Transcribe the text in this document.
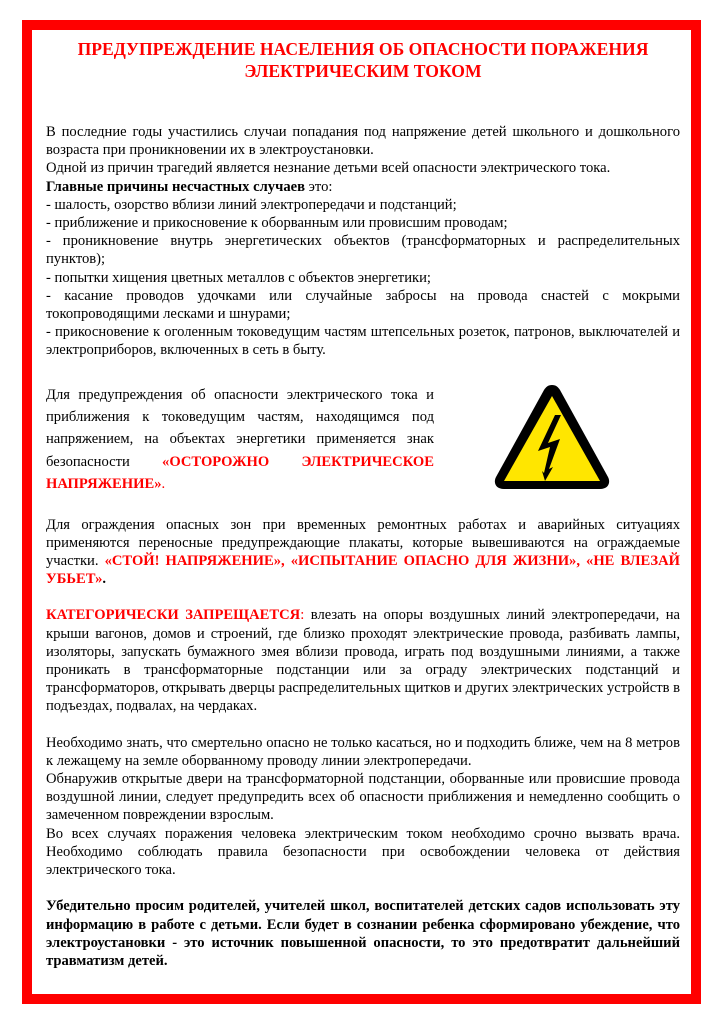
ПРЕДУПРЕЖДЕНИЕ НАСЕЛЕНИЯ ОБ ОПАСНОСТИ ПОРАЖЕНИЯ
ЭЛЕКТРИЧЕСКИМ ТОКОМ

В последние годы участились случаи попадания под напряжение детей школьного и дошкольного возраста при проникновении их в электроустановки.

Одной из причин трагедий является незнание детьми всей опасности электрического тока.

Главные причины несчастных случаев это:

- шалость, озорство вблизи линий электропередачи и подстанций;

- приближение и прикосновение к оборванным или провисшим проводам;

- проникновение внутрь энергетических объектов (трансформаторных и распределительных пунктов);

- попытки хищения цветных металлов с объектов энергетики;

- касание проводов удочками или случайные забросы на провода снастей с мокрыми токопроводящими лесками и шнурами;

- прикосновение к оголенным токоведущим частям штепсельных розеток, патронов, выключателей и электроприборов, включенных в сеть в быту.

Для предупреждения об опасности электрического тока и приближения к токоведущим частям, находящимся под напряжением, на объектах энергетики применяется знак безопасности «ОСТОРОЖНО ЭЛЕКТРИЧЕСКОЕ НАПРЯЖЕНИЕ».

Для ограждения опасных зон при временных ремонтных работах и аварийных ситуациях применяются переносные предупреждающие плакаты, которые вывешиваются на ограждаемые участки. «СТОЙ! НАПРЯЖЕНИЕ», «ИСПЫТАНИЕ ОПАСНО ДЛЯ ЖИЗНИ», «НЕ ВЛЕЗАЙ УБЬЕТ».

КАТЕГОРИЧЕСКИ ЗАПРЕЩАЕТСЯ: влезать на опоры воздушных линий электропередачи, на крыши вагонов, домов и строений, где близко проходят электрические провода, разбивать лампы, изоляторы, запускать бумажного змея вблизи провода, играть под воздушными линиями, а также проникать в трансформаторные подстанции или за ограду электрических подстанций и трансформаторов, открывать дверцы распределительных щитков и других электрических устройств в подъездах, подвалах, на чердаках.

Необходимо знать, что смертельно опасно не только касаться, но и подходить ближе, чем на 8 метров к лежащему на земле оборванному проводу линии электропередачи.

Обнаружив открытые двери на трансформаторной подстанции, оборванные или провисшие провода воздушной линии, следует предупредить всех об опасности приближения и немедленно сообщить о замеченном повреждении взрослым.

Во всех случаях поражения человека электрическим током необходимо срочно вызвать врача. Необходимо соблюдать правила безопасности при освобождении человека от действия электрического тока.

Убедительно просим родителей, учителей школ, воспитателей детских садов использовать эту информацию в работе с детьми. Если будет в сознании ребенка сформировано убеждение, что электроустановки - это источник повышенной опасности, то это предотвратит дальнейший травматизм детей.
